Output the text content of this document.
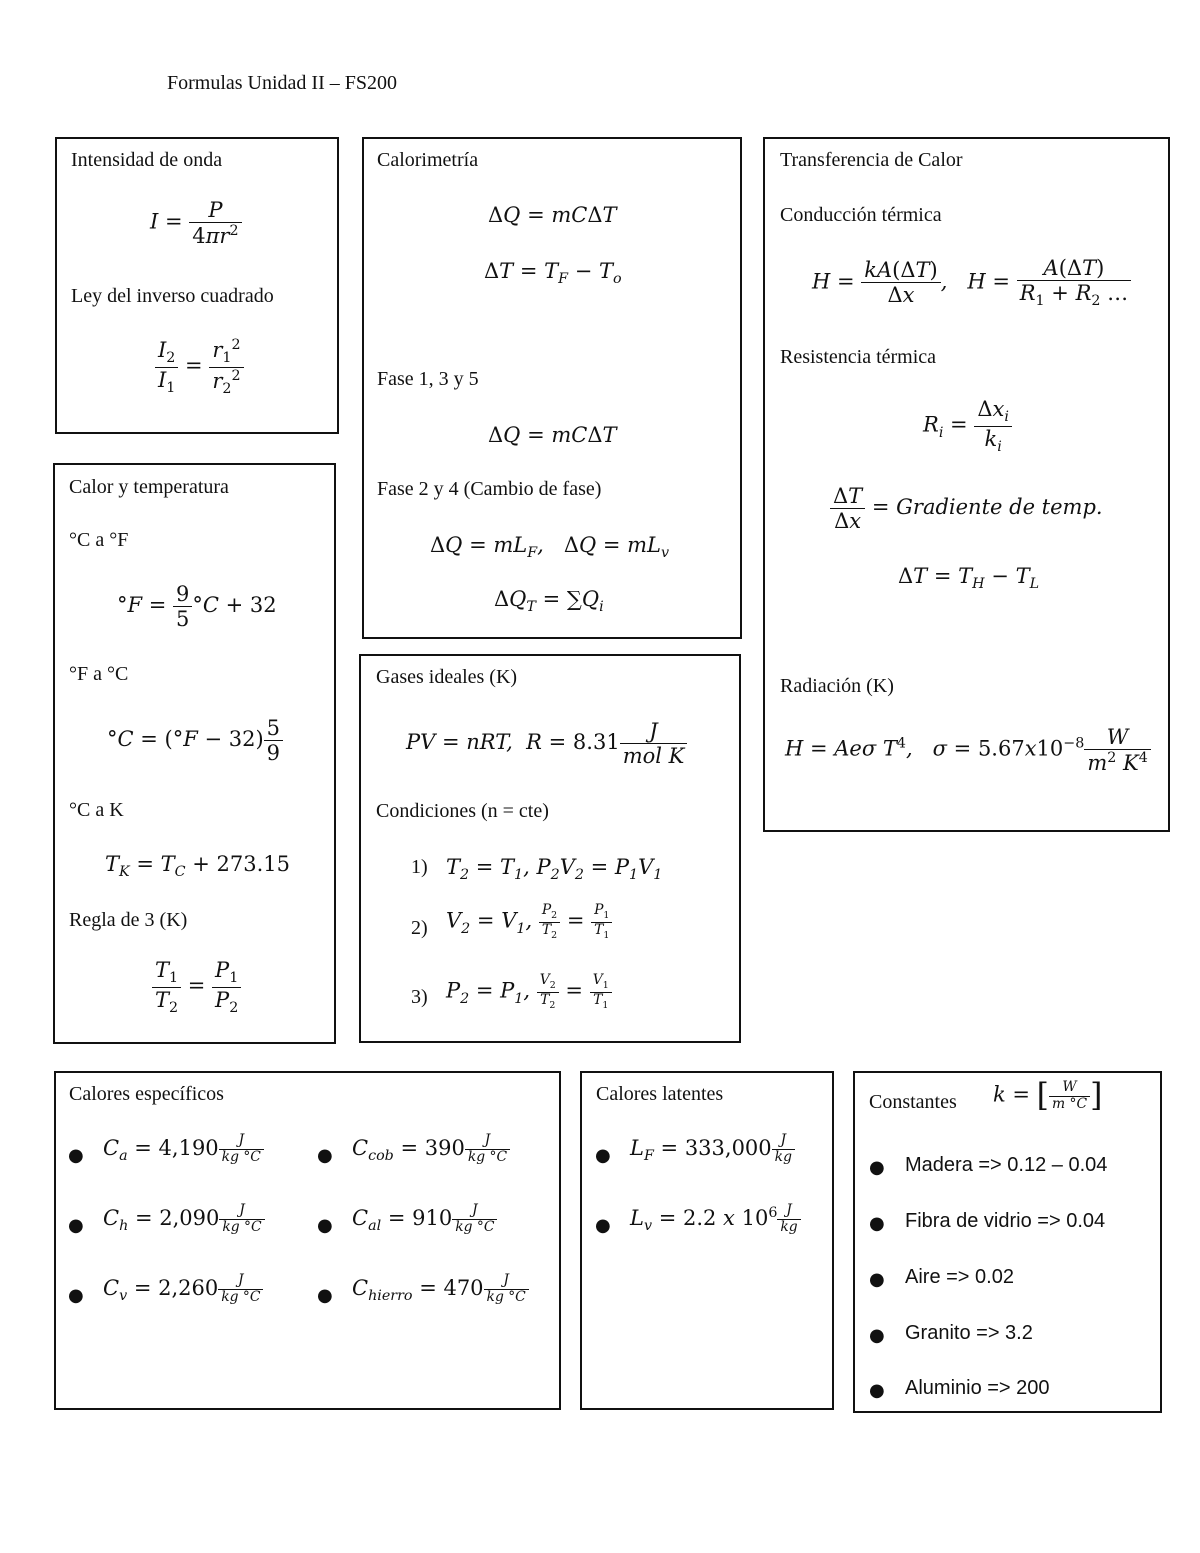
Formulas Unidad II – FS200
Intensidad de onda
$I = \frac{P}{4\pi r^2}$
Ley del inverso cuadrado
$\frac{I_2}{I_1} = \frac{r_1^2}{r_2^2}$
Calor y temperatura
°C a °F
$^\circ F = \frac{9}{5} ^\circ C + 32$
°F a °C
$^\circ C = (^\circ F - 32) \frac{5}{9}$
°C a K
$T_K = T_C + 273.15$
Regla de 3 (K)
$\frac{T_1}{T_2} = \frac{P_1}{P_2}$
Calorimetría
ΔQ = mCΔT
$\Delta T = T_F - T_o$
Fase 1, 3 y 5
ΔQ = mCΔT
Fase 2 y 4 (Cambio de fase)
$\Delta Q = mL_F$,   $\Delta Q = mL_v$
$\Delta Q_T = \sum Q_i$
Gases ideales (K)
PV = nRT,  $R = 8.31 \frac{J}{\text{mol K}}$
Condiciones (n = cte)
1) $T_2 = T_1$, $P_2V_2 = P_1V_1$
2) $V_2 = V_1$, $\frac{P_2}{T_2} = \frac{P_1}{T_1}$
3) $P_2 = P_1$, $\frac{V_2}{T_2} = \frac{V_1}{T_1}$
Transferencia de Calor
Conducción térmica
$H = \frac{kA(\Delta T)}{\Delta x}$ ,   $H = \frac{A(\Delta T)}{R_1 + R_2 \dots}$
Resistencia térmica
$R_i = \frac{\Delta x_i}{k_i}$
$\frac{\Delta T}{\Delta x}$ = Gradiente de temp.
$\Delta T = T_H - T_L$
Radiación (K)
H = Aeσ $T^4$,   $\sigma = 5.67x10^{-8} \frac{W}{m^2 K^4}$
Calores específicos
● $C_a = 4,190 \frac{J}{kg ^\circ C}$
● $C_h = 2,090 \frac{J}{kg ^\circ C}$
● $C_v = 2,260 \frac{J}{kg ^\circ C}$
● $C_{cob} = 390 \frac{J}{kg ^\circ C}$
● $C_{al} = 910 \frac{J}{kg ^\circ C}$
● $C_{hierro} = 470 \frac{J}{kg ^\circ C}$
Calores latentes
● $L_F = 333,000 \frac{J}{kg}$
● $L_v = 2.2$ x $10^6 \frac{J}{kg}$
Constantes k = [ $\frac{W}{m ^\circ C}$ ]
● Madera => 0.12 – 0.04
● Fibra de vidrio => 0.04
● Aire => 0.02
● Granito => 3.2
● Aluminio => 200
